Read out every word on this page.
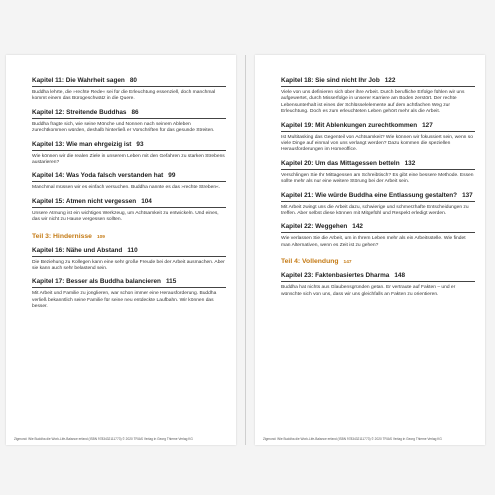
Kapitel 11: Die Wahrheit sagen 80
Buddha lehrte, die »rechte Rede« sei für die Erleuchtung essenziell, doch manchmal kommt einem das Bürogeschwätz in die Quere.
Kapitel 12: Streitende Buddhas 86
Buddha fragte sich, wie seine Mönche und Nonnen nach seinem Ableben zurechtkommen würden, deshalb hinterließ er Vorschriften für das gesunde Streiten.
Kapitel 13: Wie man ehrgeizig ist 93
Wie können wir die realen Ziele in unserem Leben mit den Gefahren zu starken Strebens austarieren?
Kapitel 14: Was Yoda falsch verstanden hat 99
Manchmal müssen wir es einfach versuchen. Buddha nannte es das »rechte Streben«.
Kapitel 15: Atmen nicht vergessen 104
Unsere Atmung ist ein wichtiges Werkzeug, um Achtsamkeit zu entwickeln. Und eines, das wir nicht zu Hause vergessen sollten.
Teil 3: Hindernisse 109
Kapitel 16: Nähe und Abstand 110
Die Beziehung zu Kollegen kann eine sehr große Freude bei der Arbeit ausmachen. Aber sie kann auch sehr belastend sein.
Kapitel 17: Besser als Buddha balancieren 115
Mit Arbeit und Familie zu jonglieren, war schon immer eine Herausforderung. Buddha verließ bekanntlich seine Familie für seine neu entdeckte Laufbahn. Wir können das besser.
Zigmond: Wie Buddha die Work-Life-Balance erfand (ISBN 9783432111773) © 2020 TRIAS Verlag in Georg Thieme Verlag KG
Kapitel 18: Sie sind nicht Ihr Job 122
Viele von uns definieren sich über ihre Arbeit. Durch berufliche Erfolge fühlen wir uns aufgewertet, durch Misserfolge in unserer Karriere am Boden zerstört. Der rechte Lebensunterhalt ist eines der Schlüsselelemente auf dem achtfachen Weg zur Erleuchtung. Doch es zum erleuchteten Leben gehört mehr als die Arbeit.
Kapitel 19: Mit Ablenkungen zurechtkommen 127
Ist Multitasking das Gegenteil von Achtsamkeit? Wie können wir fokussiert sein, wenn so viele Dinge auf einmal von uns verlangt werden? Dazu kommen die speziellen Herausforderungen im Homeoffice.
Kapitel 20: Um das Mittagessen betteln 132
Verschlingen Sie Ihr Mittagessen am Schreibtisch? Es gibt eine bessere Methode. Essen sollte mehr als nur eine weitere Störung bei der Arbeit sein.
Kapitel 21: Wie würde Buddha eine Entlassung gestalten? 137
Mit Arbeit zwingt uns die Arbeit dazu, schwierige und schmerzhafte Entscheidungen zu treffen. Aber selbst diese können mit Mitgefühl und Respekt erledigt werden.
Kapitel 22: Weggehen 142
Wie verlassen Sie die Arbeit, um in Ihrem Leben mehr als ein Arbeitsstelle. Wie findet man Alternativen, wenn es Zeit ist zu gehen?
Teil 4: Vollendung 147
Kapitel 23: Faktenbasiertes Dharma 148
Buddha hat nichts aus Glaubensgründen getan. Er vertraute auf Fakten – und er wünschte sich von uns, dass wir uns gleichfalls an Fakten zu orientieren.
Zigmond: Wie Buddha die Work-Life-Balance erfand (ISBN 9783432111773) © 2020 TRIAS Verlag in Georg Thieme Verlag KG
